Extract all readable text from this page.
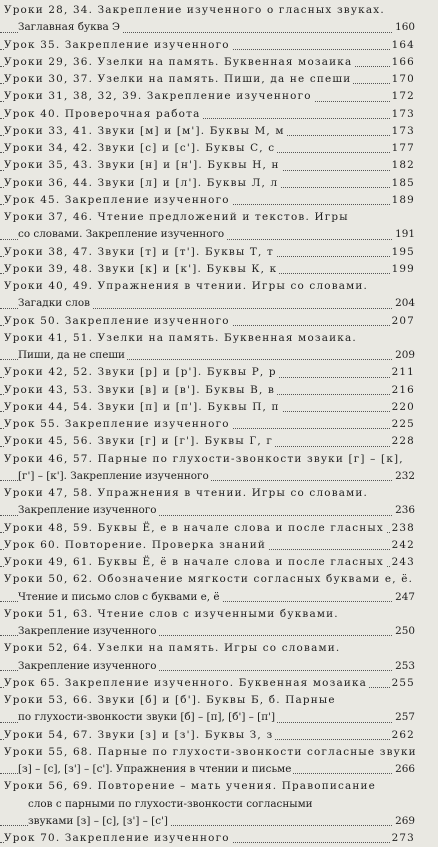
Уроки 28, 34. Закрепление изученного о гласных звуках.
Заглавная буква Э	160
Урок 35. Закрепление изученного	164
Уроки 29, 36. Узелки на память. Буквенная мозаика	166
Уроки 30, 37. Узелки на память. Пиши, да не спеши	170
Уроки 31, 38, 32, 39. Закрепление изученного	172
Урок 40. Проверочная работа	173
Уроки 33, 41. Звуки [м] и [м']. Буквы М, м	173
Уроки 34, 42. Звуки [с] и [с']. Буквы С, с	177
Уроки 35, 43. Звуки [н] и [н']. Буквы Н, н	182
Уроки 36, 44. Звуки [л] и [л']. Буквы Л, л	185
Урок 45. Закрепление изученного	189
Уроки 37, 46. Чтение предложений и текстов. Игры
со словами. Закрепление изученного	191
Уроки 38, 47. Звуки [т] и [т']. Буквы Т, т	195
Уроки 39, 48. Звуки [к] и [к']. Буквы К, к	199
Уроки 40, 49. Упражнения в чтении. Игры со словами.
Загадки слов	204
Урок 50. Закрепление изученного	207
Уроки 41, 51. Узелки на память. Буквенная мозаика.
Пиши, да не спеши	209
Уроки 42, 52. Звуки [р] и [р']. Буквы Р, р	211
Уроки 43, 53. Звуки [в] и [в']. Буквы В, в	216
Уроки 44, 54. Звуки [п] и [п']. Буквы П, п	220
Урок 55. Закрепление изученного	225
Уроки 45, 56. Звуки [г] и [г']. Буквы Г, г	228
Уроки 46, 57. Парные по глухости-звонкости звуки [г] – [к],
[г'] – [к']. Закрепление изученного	232
Уроки 47, 58. Упражнения в чтении. Игры со словами.
Закрепление изученного	236
Уроки 48, 59. Буквы Ё, е в начале слова и после гласных 238
Урок 60. Повторение. Проверка знаний	242
Уроки 49, 61. Буквы Ё, ё в начале слова и после гласных 243
Уроки 50, 62. Обозначение мягкости согласных буквами е, ё.
Чтение и письмо слов с буквами е, ё	247
Уроки 51, 63. Чтение слов с изученными буквами.
Закрепление изученного	250
Уроки 52, 64. Узелки на память. Игры со словами.
Закрепление изученного	253
Урок 65. Закрепление изученного. Буквенная мозаика 255
Уроки 53, 66. Звуки [б] и [б']. Буквы Б, б. Парные
по глухости-звонкости звуки [б] – [п], [б'] – [п']	257
Уроки 54, 67. Звуки [з] и [з']. Буквы З, з	262
Уроки 55, 68. Парные по глухости-звонкости согласные звуки
[з] – [с], [з'] – [с']. Упражнения в чтении и письме	266
Уроки 56, 69. Повторение – мать учения. Правописание
слов с парными по глухости-звонкости согласными
звуками [з] – [с], [з'] – [с']	269
Урок 70. Закрепление изученного	273
